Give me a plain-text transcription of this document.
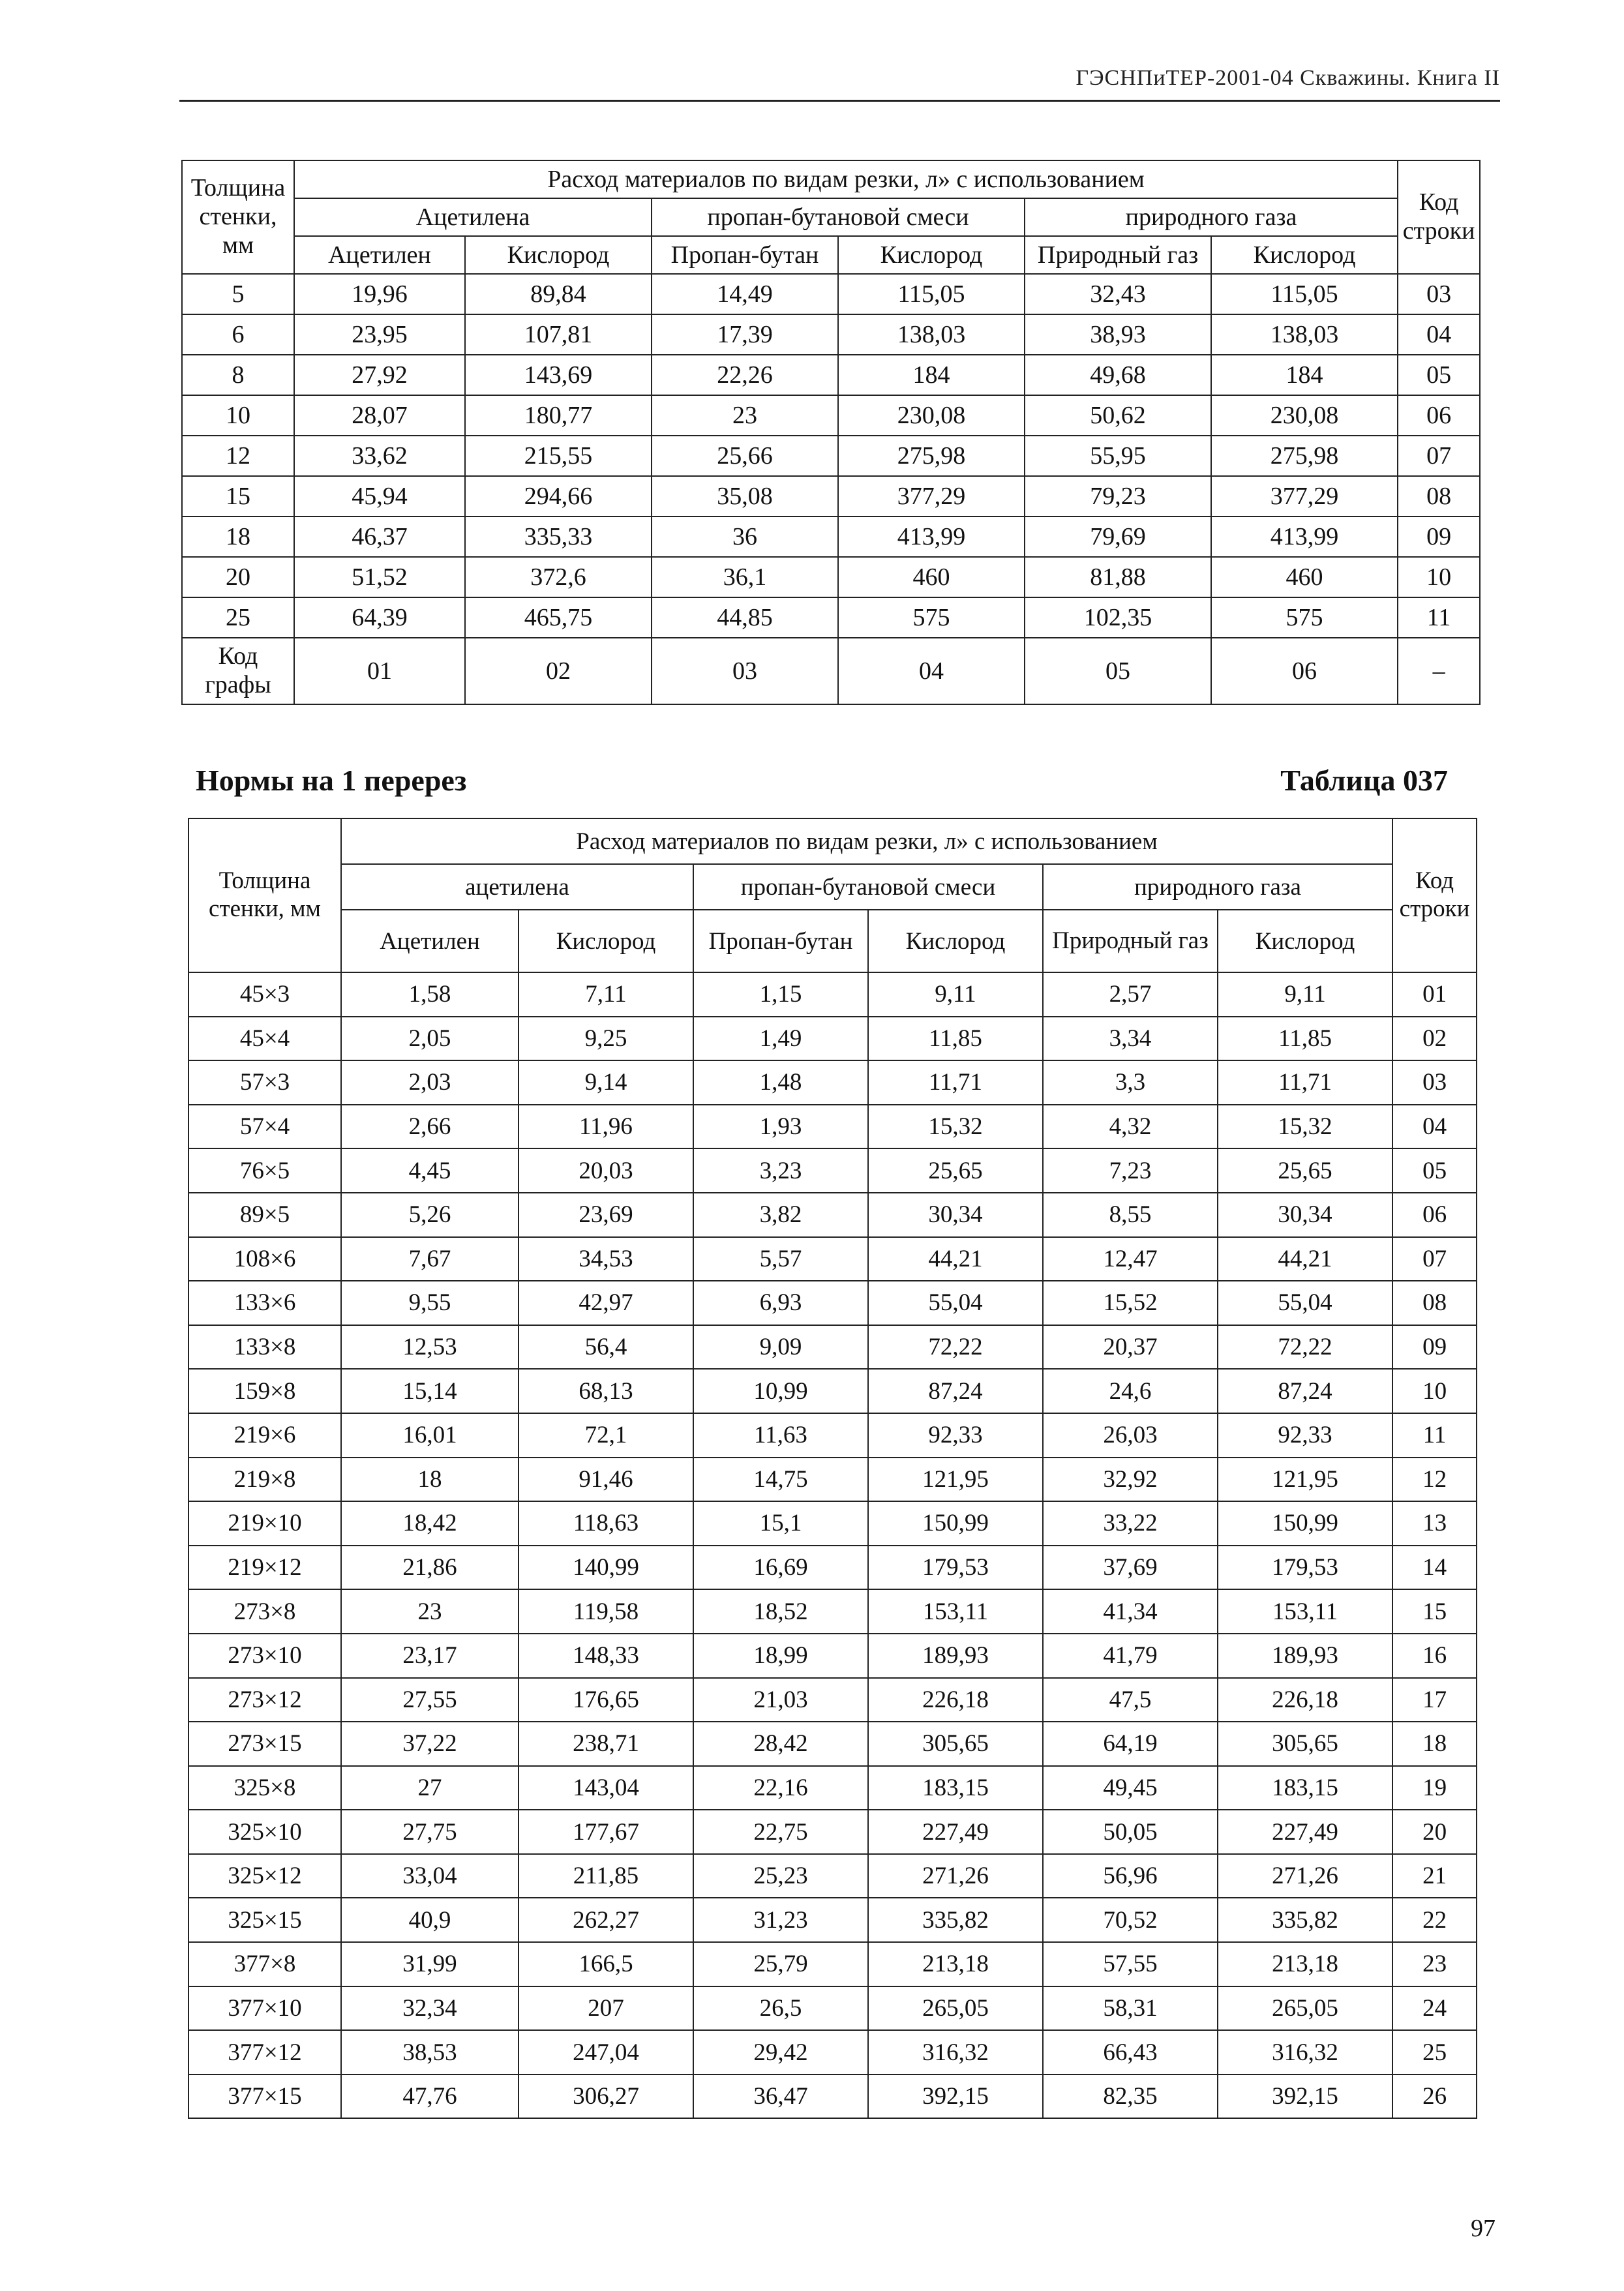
ГЭСНПиТЕР-2001-04 Скважины. Книга II
Толщина стенки, мм	Расход материалов по видам резки, л» с использованием						Код строки
	Ацетилена		пропан-бутановой смеси		природного газа		
	Ацетилен	Кислород	Пропан-бутан	Кислород	Природный газ	Кислород	
5	19,96	89,84	14,49	115,05	32,43	115,05	03
6	23,95	107,81	17,39	138,03	38,93	138,03	04
8	27,92	143,69	22,26	184	49,68	184	05
10	28,07	180,77	23	230,08	50,62	230,08	06
12	33,62	215,55	25,66	275,98	55,95	275,98	07
15	45,94	294,66	35,08	377,29	79,23	377,29	08
18	46,37	335,33	36	413,99	79,69	413,99	09
20	51,52	372,6	36,1	460	81,88	460	10
25	64,39	465,75	44,85	575	102,35	575	11
Код графы	01	02	03	04	05	06	–
Нормы на 1 перерез	Таблица 037
Толщина стенки, мм	Расход материалов по видам резки, л» с использованием						Код строки
	ацетилена		пропан-бутановой смеси		природного газа		
	Ацетилен	Кислород	Пропан-бутан	Кислород	Природный газ	Кислород	
45×3	1,58	7,11	1,15	9,11	2,57	9,11	01
45×4	2,05	9,25	1,49	11,85	3,34	11,85	02
57×3	2,03	9,14	1,48	11,71	3,3	11,71	03
57×4	2,66	11,96	1,93	15,32	4,32	15,32	04
76×5	4,45	20,03	3,23	25,65	7,23	25,65	05
89×5	5,26	23,69	3,82	30,34	8,55	30,34	06
108×6	7,67	34,53	5,57	44,21	12,47	44,21	07
133×6	9,55	42,97	6,93	55,04	15,52	55,04	08
133×8	12,53	56,4	9,09	72,22	20,37	72,22	09
159×8	15,14	68,13	10,99	87,24	24,6	87,24	10
219×6	16,01	72,1	11,63	92,33	26,03	92,33	11
219×8	18	91,46	14,75	121,95	32,92	121,95	12
219×10	18,42	118,63	15,1	150,99	33,22	150,99	13
219×12	21,86	140,99	16,69	179,53	37,69	179,53	14
273×8	23	119,58	18,52	153,11	41,34	153,11	15
273×10	23,17	148,33	18,99	189,93	41,79	189,93	16
273×12	27,55	176,65	21,03	226,18	47,5	226,18	17
273×15	37,22	238,71	28,42	305,65	64,19	305,65	18
325×8	27	143,04	22,16	183,15	49,45	183,15	19
325×10	27,75	177,67	22,75	227,49	50,05	227,49	20
325×12	33,04	211,85	25,23	271,26	56,96	271,26	21
325×15	40,9	262,27	31,23	335,82	70,52	335,82	22
377×8	31,99	166,5	25,79	213,18	57,55	213,18	23
377×10	32,34	207	26,5	265,05	58,31	265,05	24
377×12	38,53	247,04	29,42	316,32	66,43	316,32	25
377×15	47,76	306,27	36,47	392,15	82,35	392,15	26
97
